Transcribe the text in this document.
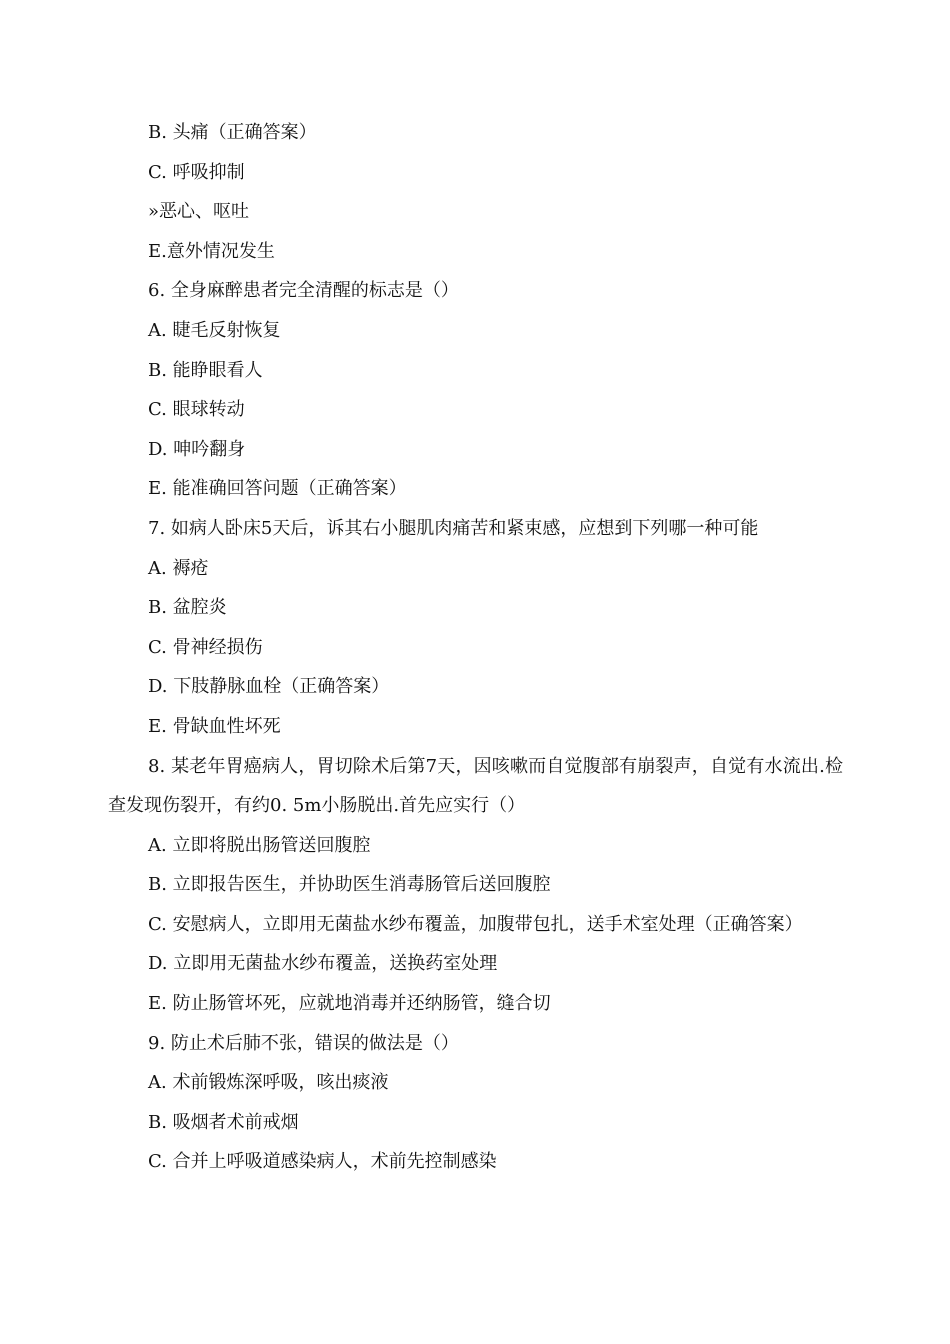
B. 头痛（正确答案）
C. 呼吸抑制
»恶心、呕吐
E.意外情况发生
6. 全身麻醉患者完全清醒的标志是（）
A. 睫毛反射恢复
B. 能睁眼看人
C. 眼球转动
D. 呻吟翻身
E. 能准确回答问题（正确答案）
7. 如病人卧床5天后，诉其右小腿肌肉痛苦和紧束感，应想到下列哪一种可能
A. 褥疮
B. 盆腔炎
C. 骨神经损伤
D. 下肢静脉血栓（正确答案）
E. 骨缺血性坏死
8. 某老年胃癌病人，胃切除术后第7天，因咳嗽而自觉腹部有崩裂声，自觉有水流出.检查发现伤裂开，有约0. 5m小肠脱出.首先应实行（）
A. 立即将脱出肠管送回腹腔
B. 立即报告医生，并协助医生消毒肠管后送回腹腔
C. 安慰病人，立即用无菌盐水纱布覆盖，加腹带包扎，送手术室处理（正确答案）
D. 立即用无菌盐水纱布覆盖，送换药室处理
E. 防止肠管坏死，应就地消毒并还纳肠管，缝合切
9. 防止术后肺不张，错误的做法是（）
A. 术前锻炼深呼吸，咳出痰液
B. 吸烟者术前戒烟
C. 合并上呼吸道感染病人，术前先控制感染
